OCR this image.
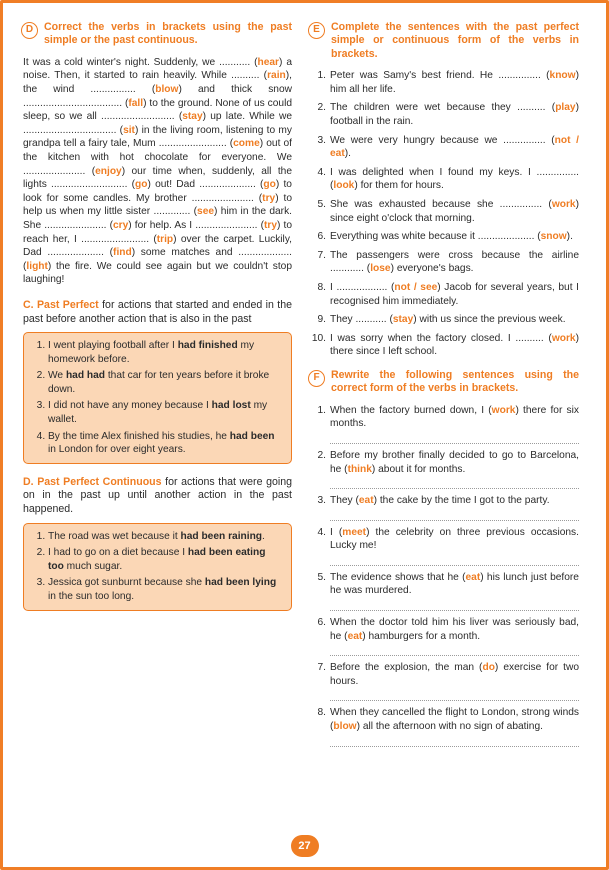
D	Correct the verbs in brackets using the past simple or the past continuous.
It was a cold winter's night. Suddenly, we ........... (hear) a noise. Then, it started to rain heavily. While .......... (rain), the wind ................ (blow) and thick snow ................................... (fall) to the ground. None of us could sleep, so we all .......................... (stay) up late. While we ................................. (sit) in the living room, listening to my grandpa tell a fairy tale, Mum ........................ (come) out of the kitchen with hot chocolate for everyone. We ...................... (enjoy) our time when, suddenly, all the lights ........................... (go) out! Dad .................... (go) to look for some candles. My brother ...................... (try) to help us when my little sister ............. (see) him in the dark. She ...................... (cry) for help. As I ...................... (try) to reach her, I ........................ (trip) over the carpet. Luckily, Dad .................... (find) some matches and ................... (light) the fire. We could see again but we couldn't stop laughing!
C. Past Perfect for actions that started and ended in the past before another action that is also in the past
1. I went playing football after I had finished my homework before.
2. We had had that car for ten years before it broke down.
3. I did not have any money because I had lost my wallet.
4. By the time Alex finished his studies, he had been in London for over eight years.
D. Past Perfect Continuous for actions that were going on in the past up until another action in the past happened.
1. The road was wet because it had been raining.
2. I had to go on a diet because I had been eating too much sugar.
3. Jessica got sunburnt because she had been lying in the sun too long.
E	Complete the sentences with the past perfect simple or continuous form of the verbs in brackets.
1. Peter was Samy's best friend. He ............... (know) him all her life.
2. The children were wet because they .......... (play) football in the rain.
3. We were very hungry because we ............... (not / eat).
4. I was delighted when I found my keys. I ............... (look) for them for hours.
5. She was exhausted because she ............... (work) since eight o'clock that morning.
6. Everything was white because it .................... (snow).
7. The passengers were cross because the airline ............ (lose) everyone's bags.
8. I .................. (not / see) Jacob for several years, but I recognised him immediately.
9. They ........... (stay) with us since the previous week.
10. I was sorry when the factory closed. I .......... (work) there since I left school.
F	Rewrite the following sentences using the correct form of the verbs in brackets.
1. When the factory burned down, I (work) there for six months.
2. Before my brother finally decided to go to Barcelona, he (think) about it for months.
3. They (eat) the cake by the time I got to the party.
4. I (meet) the celebrity on three previous occasions. Lucky me!
5. The evidence shows that he (eat) his lunch just before he was murdered.
6. When the doctor told him his liver was seriously bad, he (eat) hamburgers for a month.
7. Before the explosion, the man (do) exercise for two hours.
8. When they cancelled the flight to London, strong winds (blow) all the afternoon with no sign of abating.
27
